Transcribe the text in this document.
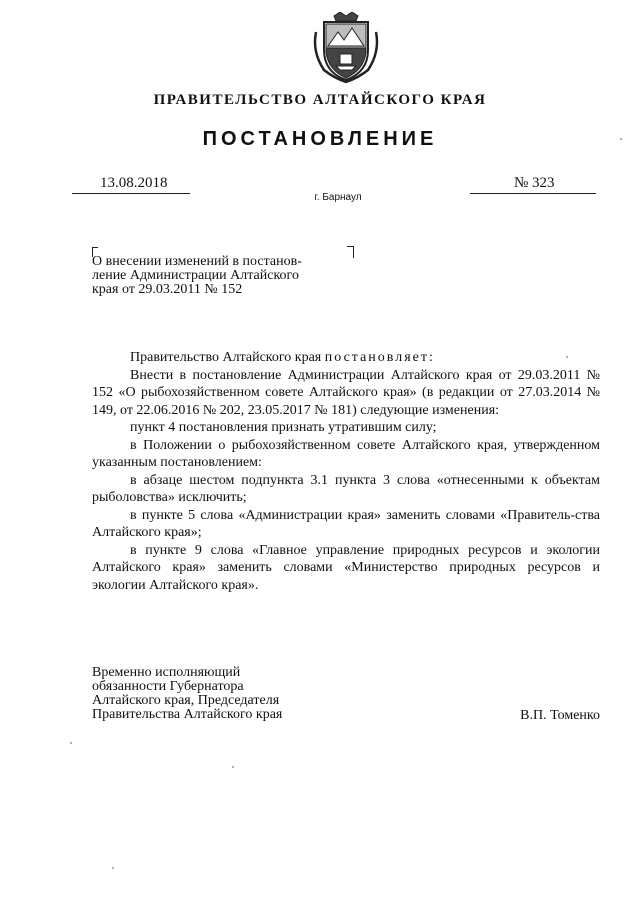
ПРАВИТЕЛЬСТВО АЛТАЙСКОГО КРАЯ
ПОСТАНОВЛЕНИЕ
13.08.2018	№ 323
г. Барнаул
О внесении изменений в постанов-
ление Администрации Алтайского
края от 29.03.2011 № 152

Правительство Алтайского края постановляет:

Внести в постановление Администрации Алтайского края от 29.03.2011 № 152 «О рыбохозяйственном совете Алтайского края» (в редакции от 27.03.2014 № 149, от 22.06.2016 № 202, 23.05.2017 № 181) следующие изменения:

пункт 4 постановления признать утратившим силу;

в Положении о рыбохозяйственном совете Алтайского края, утвержденном указанным постановлением:

в абзаце шестом подпункта 3.1 пункта 3 слова «отнесенными к объектам рыболовства» исключить;

в пункте 5 слова «Администрации края» заменить словами «Правитель-ства Алтайского края»;

в пункте 9 слова «Главное управление природных ресурсов и экологии Алтайского края» заменить словами «Министерство природных ресурсов и экологии Алтайского края».

Временно исполняющий
обязанности Губернатора
Алтайского края, Председателя
Правительства Алтайского края	В.П. Томенко
